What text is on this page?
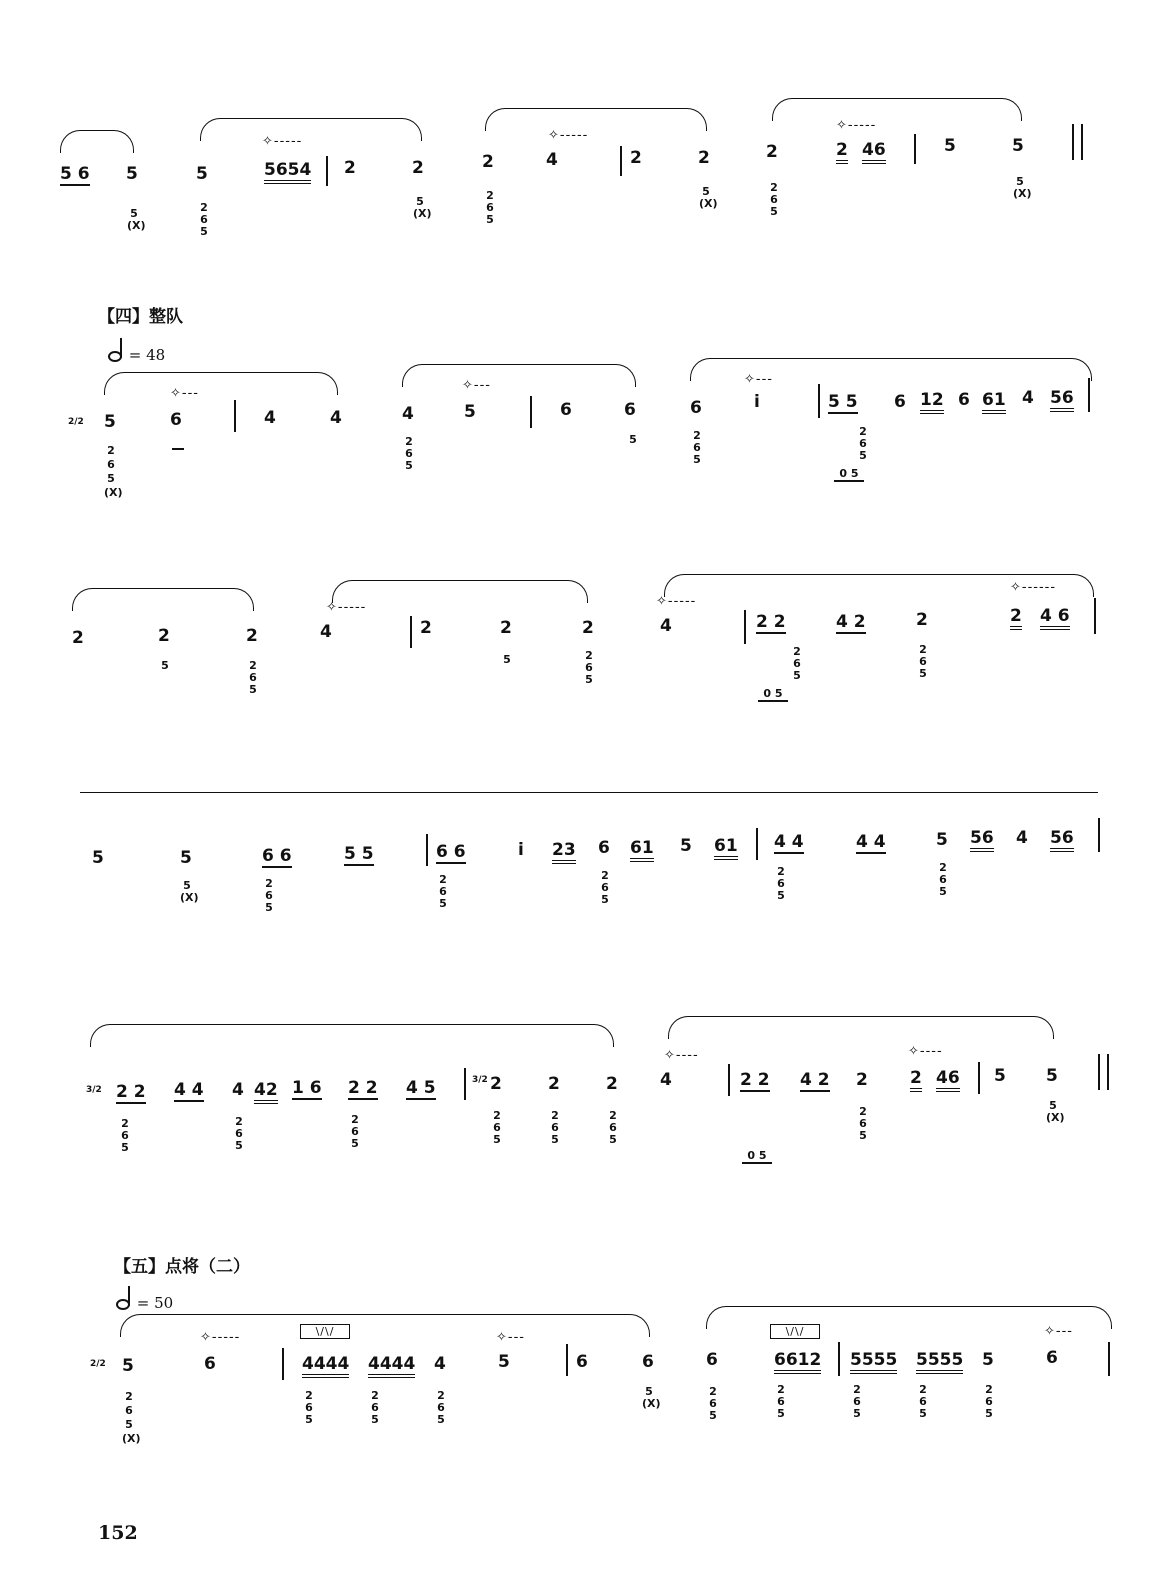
5 6 5	5
✧-----
5654 2	2	2
✧-----
4	2	2	2
✧-----
2 46	5	5
5
(X)
2
6
5
5
(X)
2
6
5
5
(X)
2
6
5
5
(X)
【四】整队
= 48
2/2 5
✧---
6	4	4	4
✧---
5	6	6	6
✧---
i	5 5 6 12 6 61 4 56
2
6
5
(X)
2
6
5
5	2
6
5
2
6
5
0 5
2	2	2
✧-----
4	2	2	2
✧-----
4	2 2	4 2	2
✧------
2 4 6
5	2
6
5
5	2
6
5
2
6
5
0 5
2
6
5
5	5	6 6	5 5	6 6	i 23 6 61 5 61 4 4	4 4	5 56 4 56
5
(X)
2
6
5
2
6
5
2
6
5
2
6
5
2
6
5
3/2 2 2 4 4 4 42 1 6 2 2 4 5	3/2 2	2	2
✧----
4	2 2 4 2 2
✧----
2 46 5 5
2
6
5
2
6
5
2
6
5
2
6
5
2
6
5
2
6
5
0 5
2
6
5
5
(X)
【五】点将（二）
= 50
2/2 5
✧-----
6
\/\/
4444 4444 4
✧---
5	6	6	6
\/\/
6612 5555 5555 5
✧---
6
2
6
5
(X)
2
6
5
2
6
5
2
6
5
5
(X)
2
6
5
2
6
5
2
6
5
2
6
5
2
6
5
152
